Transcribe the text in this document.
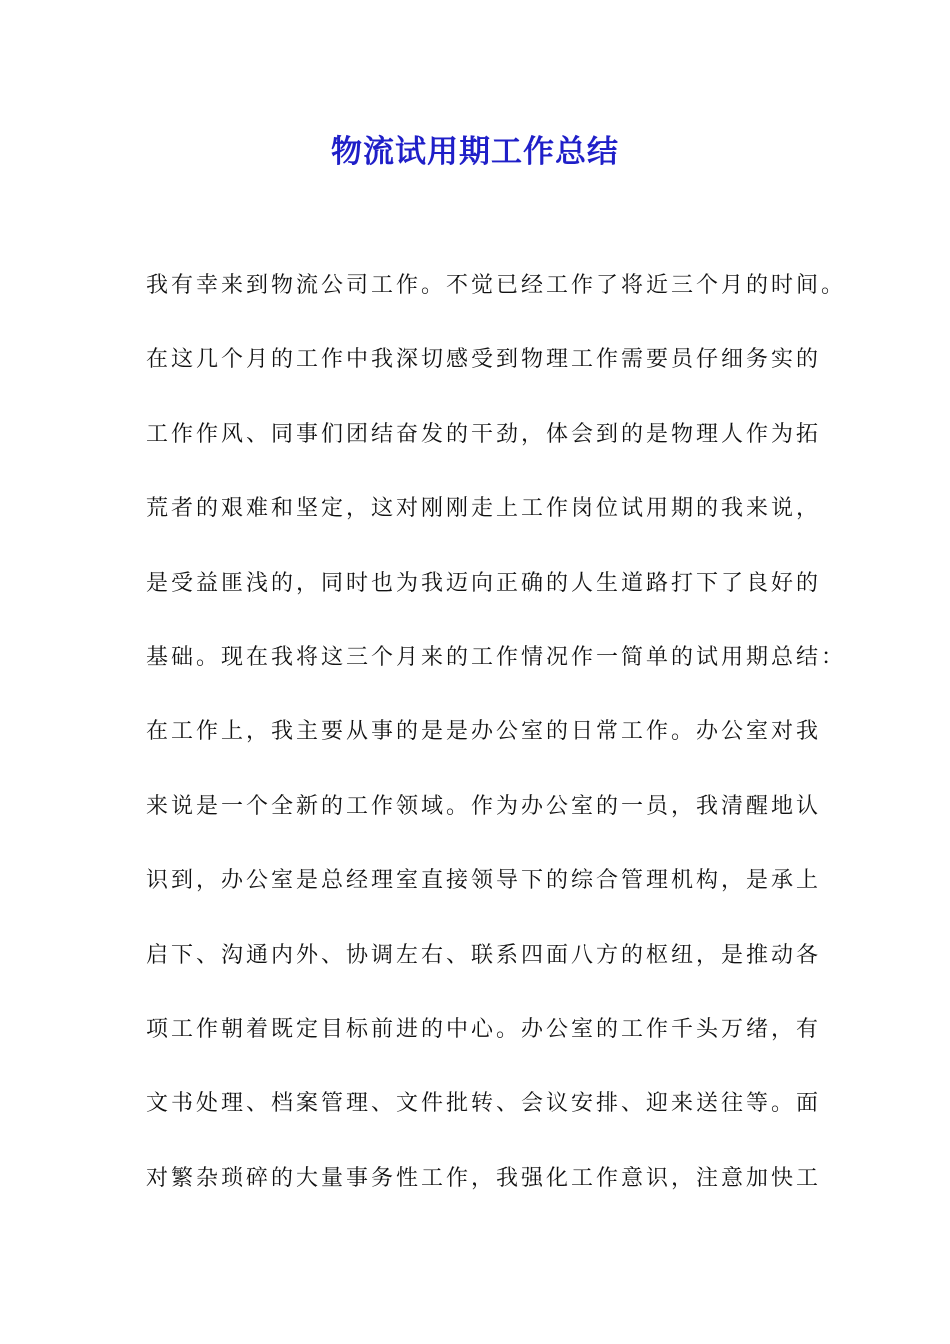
物流试用期工作总结
我有幸来到物流公司工作。不觉已经工作了将近三个月的时间。
在这几个月的工作中我深切感受到物理工作需要员仔细务实的
工作作风、同事们团结奋发的干劲，体会到的是物理人作为拓
荒者的艰难和坚定，这对刚刚走上工作岗位试用期的我来说，
是受益匪浅的，同时也为我迈向正确的人生道路打下了良好的
基础。现在我将这三个月来的工作情况作一简单的试用期总结：
在工作上，我主要从事的是是办公室的日常工作。办公室对我
来说是一个全新的工作领域。作为办公室的一员，我清醒地认
识到，办公室是总经理室直接领导下的综合管理机构，是承上
启下、沟通内外、协调左右、联系四面八方的枢纽，是推动各
项工作朝着既定目标前进的中心。办公室的工作千头万绪，有
文书处理、档案管理、文件批转、会议安排、迎来送往等。面
对繁杂琐碎的大量事务性工作，我强化工作意识，注意加快工
